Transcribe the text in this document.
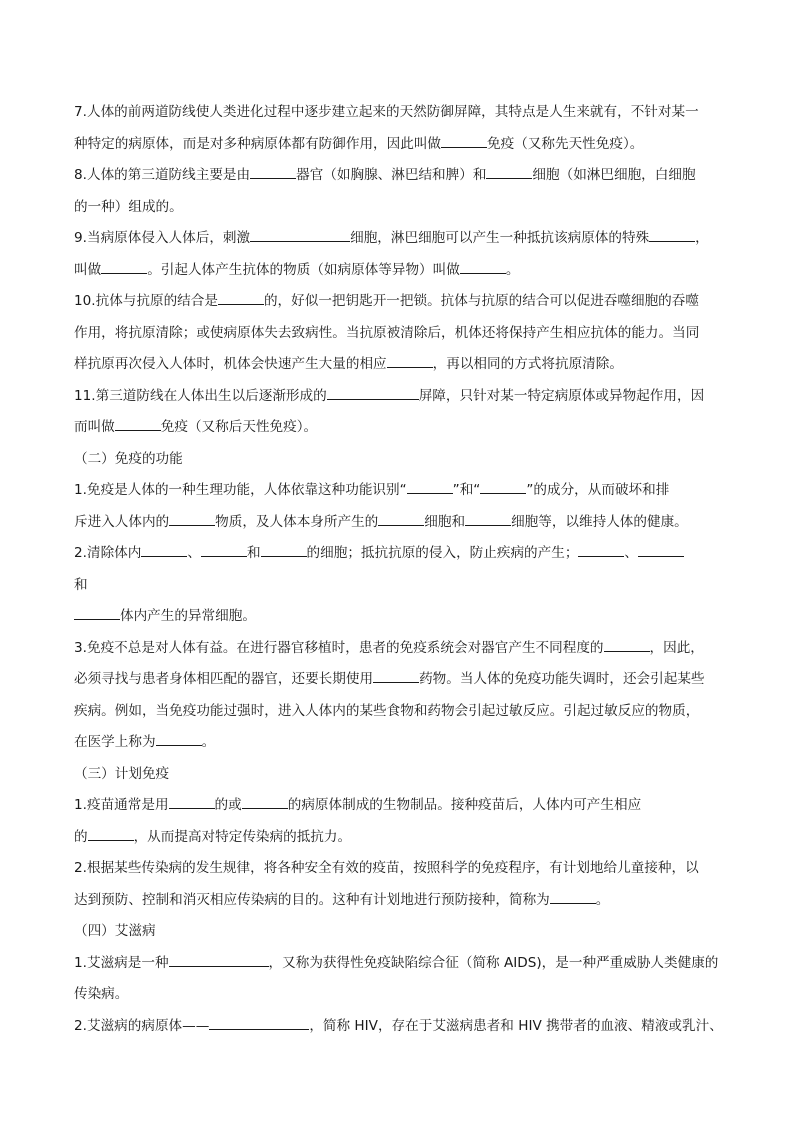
7.人体的前两道防线使人类进化过程中逐步建立起来的天然防御屏障，其特点是人生来就有，不针对某一
种特定的病原体，而是对多种病原体都有防御作用，因此叫做	免疫（又称先天性免疫）。
8.人体的第三道防线主要是由	器官（如胸腺、淋巴结和脾）和	细胞（如淋巴细胞，白细胞
的一种）组成的。
9.当病原体侵入人体后，刺激	细胞，淋巴细胞可以产生一种抵抗该病原体的特殊	，
叫做	。引起人体产生抗体的物质（如病原体等异物）叫做	。
10.抗体与抗原的结合是	的，好似一把钥匙开一把锁。抗体与抗原的结合可以促进吞噬细胞的吞噬
作用，将抗原清除；或使病原体失去致病性。当抗原被清除后，机体还将保持产生相应抗体的能力。当同
样抗原再次侵入人体时，机体会快速产生大量的相应	，再以相同的方式将抗原清除。
11.第三道防线在人体出生以后逐渐形成的	屏障，只针对某一特定病原体或异物起作用，因
而叫做	免疫（又称后天性免疫）。
（二）免疫的功能
1.免疫是人体的一种生理功能，人体依靠这种功能识别“	”和“	”的成分，从而破坏和排
斥进入人体内的	物质，及人体本身所产生的	细胞和	细胞等，以维持人体的健康。
2.清除体内	、	和	的细胞；抵抗抗原的侵入，防止疾病的产生；	、
和
体内产生的异常细胞。
3.免疫不总是对人体有益。在进行器官移植时，患者的免疫系统会对器官产生不同程度的	，因此，
必须寻找与患者身体相匹配的器官，还要长期使用	药物。当人体的免疫功能失调时，还会引起某些
疾病。例如，当免疫功能过强时，进入人体内的某些食物和药物会引起过敏反应。引起过敏反应的物质，
在医学上称为	。
（三）计划免疫
1.疫苗通常是用	的或	的病原体制成的生物制品。接种疫苗后，人体内可产生相应
的	，从而提高对特定传染病的抵抗力。
2.根据某些传染病的发生规律，将各种安全有效的疫苗，按照科学的免疫程序，有计划地给儿童接种，以
达到预防、控制和消灭相应传染病的目的。这种有计划地进行预防接种，简称为	。
（四）艾滋病
1.艾滋病是一种	，又称为获得性免疫缺陷综合征（简称 AIDS)，是一种严重威胁人类健康的
传染病。
2.艾滋病的病原体——	，简称 HIV，存在于艾滋病患者和 HIV 携带者的血液、精液或乳汁、
